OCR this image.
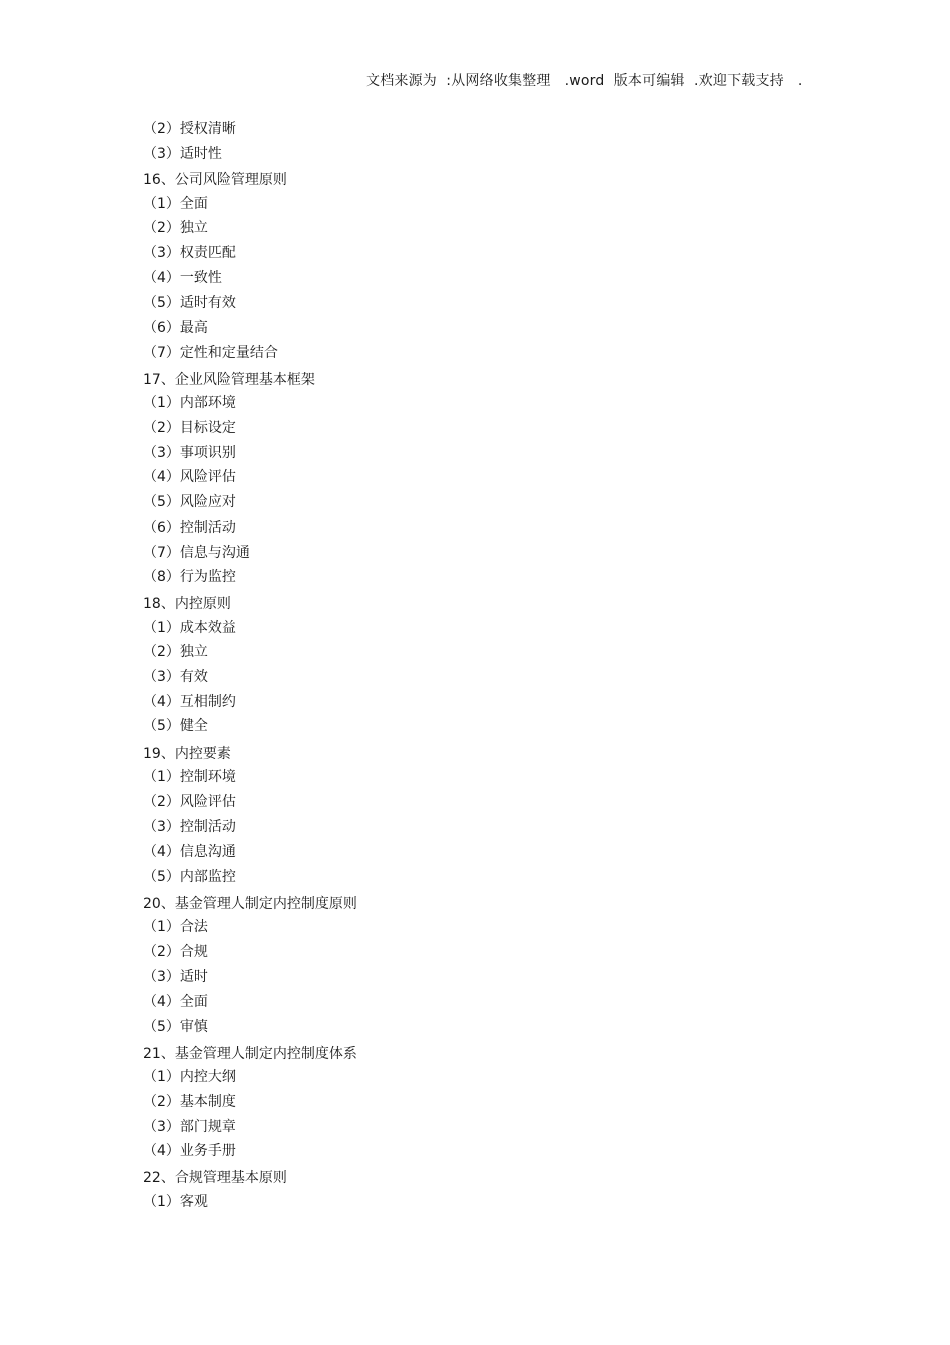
文档来源为  :从网络收集整理   .word  版本可编辑  .欢迎下载支持   .
（2）授权清晰
（3）适时性
16、公司风险管理原则
（1）全面
（2）独立
（3）权责匹配
（4）一致性
（5）适时有效
（6）最高
（7）定性和定量结合
17、企业风险管理基本框架
（1）内部环境
（2）目标设定
（3）事项识别
（4）风险评估
（5）风险应对
（6）控制活动
（7）信息与沟通
（8）行为监控
18、内控原则
（1）成本效益
（2）独立
（3）有效
（4）互相制约
（5）健全
19、内控要素
（1）控制环境
（2）风险评估
（3）控制活动
（4）信息沟通
（5）内部监控
20、基金管理人制定内控制度原则
（1）合法
（2）合规
（3）适时
（4）全面
（5）审慎
21、基金管理人制定内控制度体系
（1）内控大纲
（2）基本制度
（3）部门规章
（4）业务手册
22、合规管理基本原则
（1）客观
